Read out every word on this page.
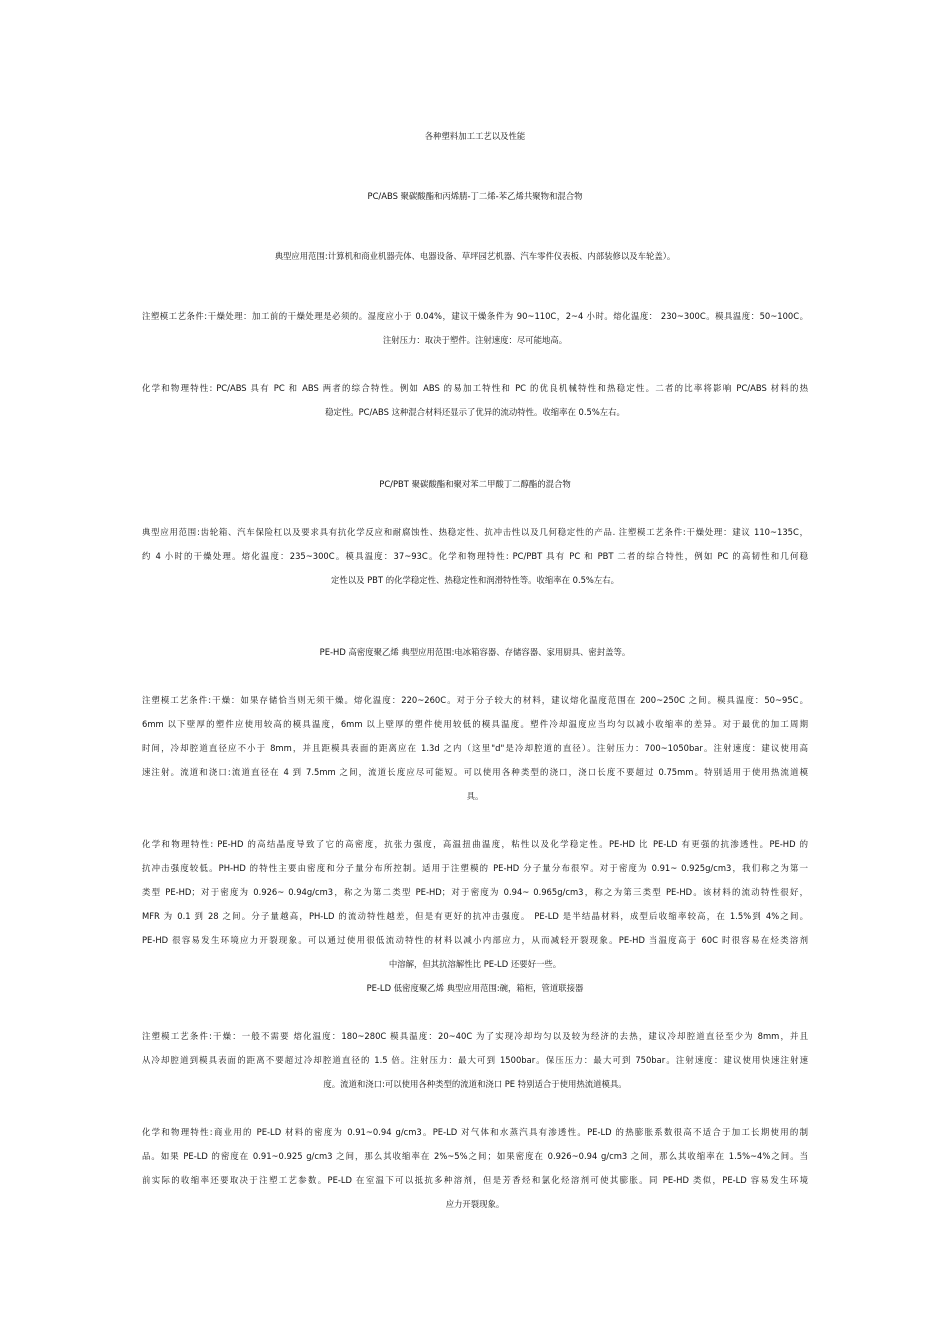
各种塑料加工工艺以及性能
PC/ABS 聚碳酸酯和丙烯腈-丁二烯-苯乙烯共聚物和混合物
典型应用范围:计算机和商业机器壳体、电器设备、草坪园艺机器、汽车零件仪表板、内部装修以及车轮盖）。
注塑模工艺条件:干燥处理：加工前的干燥处理是必须的。湿度应小于 0.04%，建议干燥条件为 90~110C，2~4 小时。熔化温度： 230~300C。模具温度：50~100C。
注射压力：取决于塑件。注射速度：尽可能地高。
化学和物理特性: PC/ABS 具有 PC 和 ABS 两者的综合特性。例如 ABS 的易加工特性和 PC 的优良机械特性和热稳定性。二者的比率将影响 PC/ABS 材料的热
稳定性。PC/ABS 这种混合材料还显示了优异的流动特性。收缩率在 0.5%左右。
PC/PBT 聚碳酸酯和聚对苯二甲酸丁二醇酯的混合物
典型应用范围:齿轮箱、汽车保险杠以及要求具有抗化学反应和耐腐蚀性、热稳定性、抗冲击性以及几何稳定性的产品. 注塑模工艺条件:干燥处理：建议 110~135C，
约 4 小时的干燥处理。熔化温度：235~300C。模具温度：37~93C。化学和物理特性: PC/PBT 具有 PC 和 PBT 二者的综合特性，例如 PC 的高韧性和几何稳
定性以及 PBT 的化学稳定性、热稳定性和润滑特性等。收缩率在 0.5%左右。
PE-HD 高密度聚乙烯 典型应用范围:电冰箱容器、存储容器、家用厨具、密封盖等。
注塑模工艺条件:干燥：如果存储恰当则无须干燥。熔化温度：220~260C。对于分子较大的材料，建议熔化温度范围在 200~250C 之间。模具温度：50~95C。
6mm 以下壁厚的塑件应使用较高的模具温度，6mm 以上壁厚的塑件使用较低的模具温度。塑件冷却温度应当均匀以减小收缩率的差异。对于最优的加工周期
时间，冷却腔道直径应不小于 8mm，并且距模具表面的距离应在 1.3d 之内（这里"d"是冷却腔道的直径）。注射压力：700~1050bar。注射速度：建议使用高
速注射。流道和浇口:流道直径在 4 到 7.5mm 之间，流道长度应尽可能短。可以使用各种类型的浇口，浇口长度不要超过 0.75mm。特别适用于使用热流道模
具。
化学和物理特性: PE-HD 的高结晶度导致了它的高密度，抗张力强度，高温扭曲温度，粘性以及化学稳定性。PE-HD 比 PE-LD 有更强的抗渗透性。PE-HD 的
抗冲击强度较低。PH-HD 的特性主要由密度和分子量分布所控制。适用于注塑模的 PE-HD 分子量分布很窄。对于密度为 0.91~ 0.925g/cm3，我们称之为第一
类型 PE-HD；对于密度为 0.926~ 0.94g/cm3，称之为第二类型 PE-HD；对于密度为 0.94~ 0.965g/cm3，称之为第三类型 PE-HD。该材料的流动特性很好，
MFR 为 0.1 到 28 之间。分子量越高，PH-LD 的流动特性越差，但是有更好的抗冲击强度。 PE-LD 是半结晶材料，成型后收缩率较高，在 1.5%到 4%之间。
PE-HD 很容易发生环境应力开裂现象。可以通过使用很低流动特性的材料以减小内部应力，从而减轻开裂现象。PE-HD 当温度高于 60C 时很容易在烃类溶剂
中溶解，但其抗溶解性比 PE-LD 还要好一些。
PE-LD 低密度聚乙烯 典型应用范围:碗，箱柜，管道联接器
注塑模工艺条件:干燥：一般不需要 熔化温度：180~280C 模具温度：20~40C 为了实现冷却均匀以及较为经济的去热，建议冷却腔道直径至少为 8mm，并且
从冷却腔道到模具表面的距离不要超过冷却腔道直径的 1.5 倍。注射压力：最大可到 1500bar。保压压力：最大可到 750bar。注射速度：建议使用快速注射速
度。流道和浇口:可以使用各种类型的流道和浇口 PE 特别适合于使用热流道模具。
化学和物理特性:商业用的 PE-LD 材料的密度为 0.91~0.94 g/cm3。PE-LD 对气体和水蒸汽具有渗透性。PE-LD 的热膨胀系数很高不适合于加工长期使用的制
品。如果 PE-LD 的密度在 0.91~0.925 g/cm3 之间，那么其收缩率在 2%~5%之间；如果密度在 0.926~0.94 g/cm3 之间，那么其收缩率在 1.5%~4%之间。当
前实际的收缩率还要取决于注塑工艺参数。PE-LD 在室温下可以抵抗多种溶剂，但是芳香烃和氯化烃溶剂可使其膨胀。同 PE-HD 类似，PE-LD 容易发生环境
应力开裂现象。
